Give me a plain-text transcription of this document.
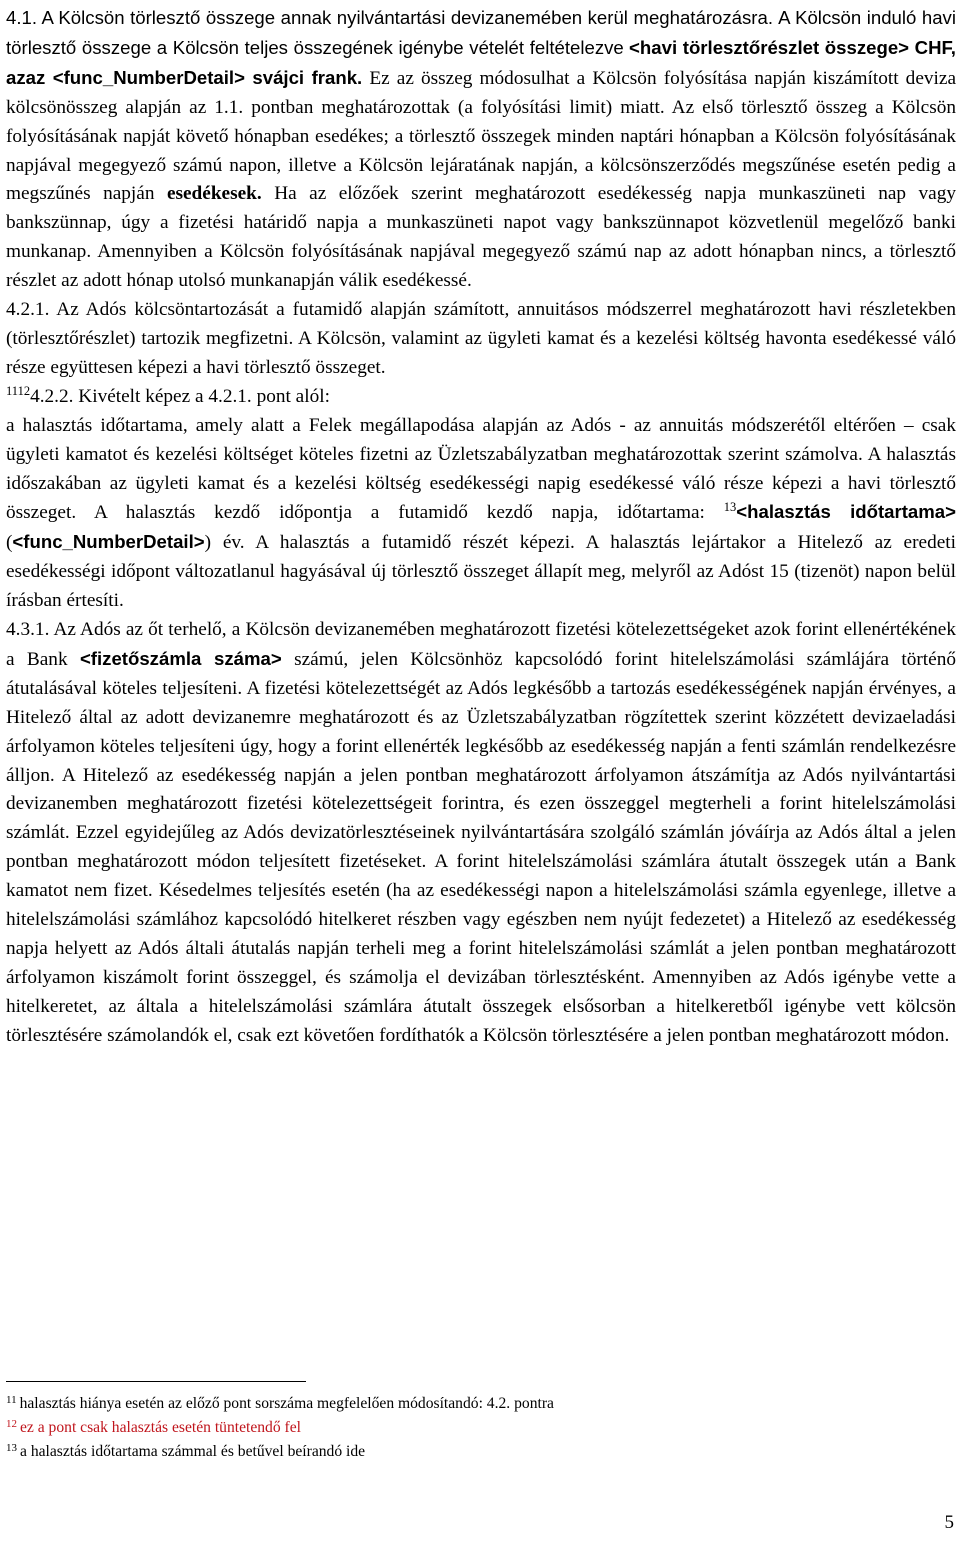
4.1. A Kölcsön törlesztő összege annak nyilvántartási devizanemében kerül meghatározásra. A Kölcsön induló havi törlesztő összege a Kölcsön teljes összegének igénybe vételét feltételezve <havi törlesztőrészlet összege> CHF, azaz <func_NumberDetail> svájci frank. Ez az összeg módosulhat a Kölcsön folyósítása napján kiszámított deviza kölcsönösszeg alapján az 1.1. pontban meghatározottak (a folyósítási limit) miatt. Az első törlesztő összeg a Kölcsön folyósításának napját követő hónapban esedékes; a törlesztő összegek minden naptári hónapban a Kölcsön folyósításának napjával megegyező számú napon, illetve a Kölcsön lejáratának napján, a kölcsönszerződés megszűnése esetén pedig a megszűnés napján esedékesek. Ha az előzőek szerint meghatározott esedékesség napja munkaszüneti nap vagy bankszünnap, úgy a fizetési határidő napja a munkaszüneti napot vagy bankszünnapot közvetlenül megelőző banki munkanap. Amennyiben a Kölcsön folyósításának napjával megegyező számú nap az adott hónapban nincs, a törlesztő részlet az adott hónap utolsó munkanapján válik esedékessé.

4.2.1. Az Adós kölcsöntartozását a futamidő alapján számított, annuitásos módszerrel meghatározott havi részletekben (törlesztőrészlet) tartozik megfizetni. A Kölcsön, valamint az ügyleti kamat és a kezelési költség havonta esedékessé váló része együttesen képezi a havi törlesztő összeget.

$^{1112}$4.2.2. Kivételt képez a 4.2.1. pont alól:

a halasztás időtartama, amely alatt a Felek megállapodása alapján az Adós - az annuitás módszerétől eltérően – csak ügyleti kamatot és kezelési költséget köteles fizetni az Üzletszabályzatban meghatározottak szerint számolva. A halasztás időszakában az ügyleti kamat és a kezelési költség esedékességi napig esedékessé váló része képezi a havi törlesztő összeget. A halasztás kezdő időpontja a futamidő kezdő napja, időtartama: $^{13}$<halasztás időtartama> (<func_NumberDetail>) év. A halasztás a futamidő részét képezi. A halasztás lejártakor a Hitelező az eredeti esedékességi időpont változatlanul hagyásával új törlesztő összeget állapít meg, melyről az Adóst 15 (tizenöt) napon belül írásban értesíti.

4.3.1. Az Adós az őt terhelő, a Kölcsön devizanemében meghatározott fizetési kötelezettségeket azok forint ellenértékének a Bank <fizetőszámla száma> számú, jelen Kölcsönhöz kapcsolódó forint hitelelszámolási számlájára történő átutalásával köteles teljesíteni. A fizetési kötelezettségét az Adós legkésőbb a tartozás esedékességének napján érvényes, a Hitelező által az adott devizanemre meghatározott és az Üzletszabályzatban rögzítettek szerint közzétett devizaeladási árfolyamon köteles teljesíteni úgy, hogy a forint ellenérték legkésőbb az esedékesség napján a fenti számlán rendelkezésre álljon. A Hitelező az esedékesség napján a jelen pontban meghatározott árfolyamon átszámítja az Adós nyilvántartási devizanemben meghatározott fizetési kötelezettségeit forintra, és ezen összeggel megterheli a forint hitelelszámolási számlát. Ezzel egyidejűleg az Adós devizatörlesztéseinek nyilvántartására szolgáló számlán jóváírja az Adós által a jelen pontban meghatározott módon teljesített fizetéseket. A forint hitelelszámolási számlára átutalt összegek után a Bank kamatot nem fizet. Késedelmes teljesítés esetén (ha az esedékességi napon a hitelelszámolási számla egyenlege, illetve a hitelelszámolási számlához kapcsolódó hitelkeret részben vagy egészben nem nyújt fedezetet) a Hitelező az esedékesség napja helyett az Adós általi átutalás napján terheli meg a forint hitelelszámolási számlát a jelen pontban meghatározott árfolyamon kiszámolt forint összeggel, és számolja el devizában törlesztésként. Amennyiben az Adós igénybe vette a hitelkeretet, az általa a hitelelszámolási számlára átutalt összegek elsősorban a hitelkeretből igénybe vett kölcsön törlesztésére számolandók el, csak ezt követően fordíthatók a Kölcsön törlesztésére a jelen pontban meghatározott módon.

$^{11}$ halasztás hiánya esetén az előző pont sorszáma megfelelően módosítandó: 4.2. pontra
$^{12}$ ez a pont csak halasztás esetén tüntetendő fel
$^{13}$ a halasztás időtartama számmal és betűvel beírandó ide
5
